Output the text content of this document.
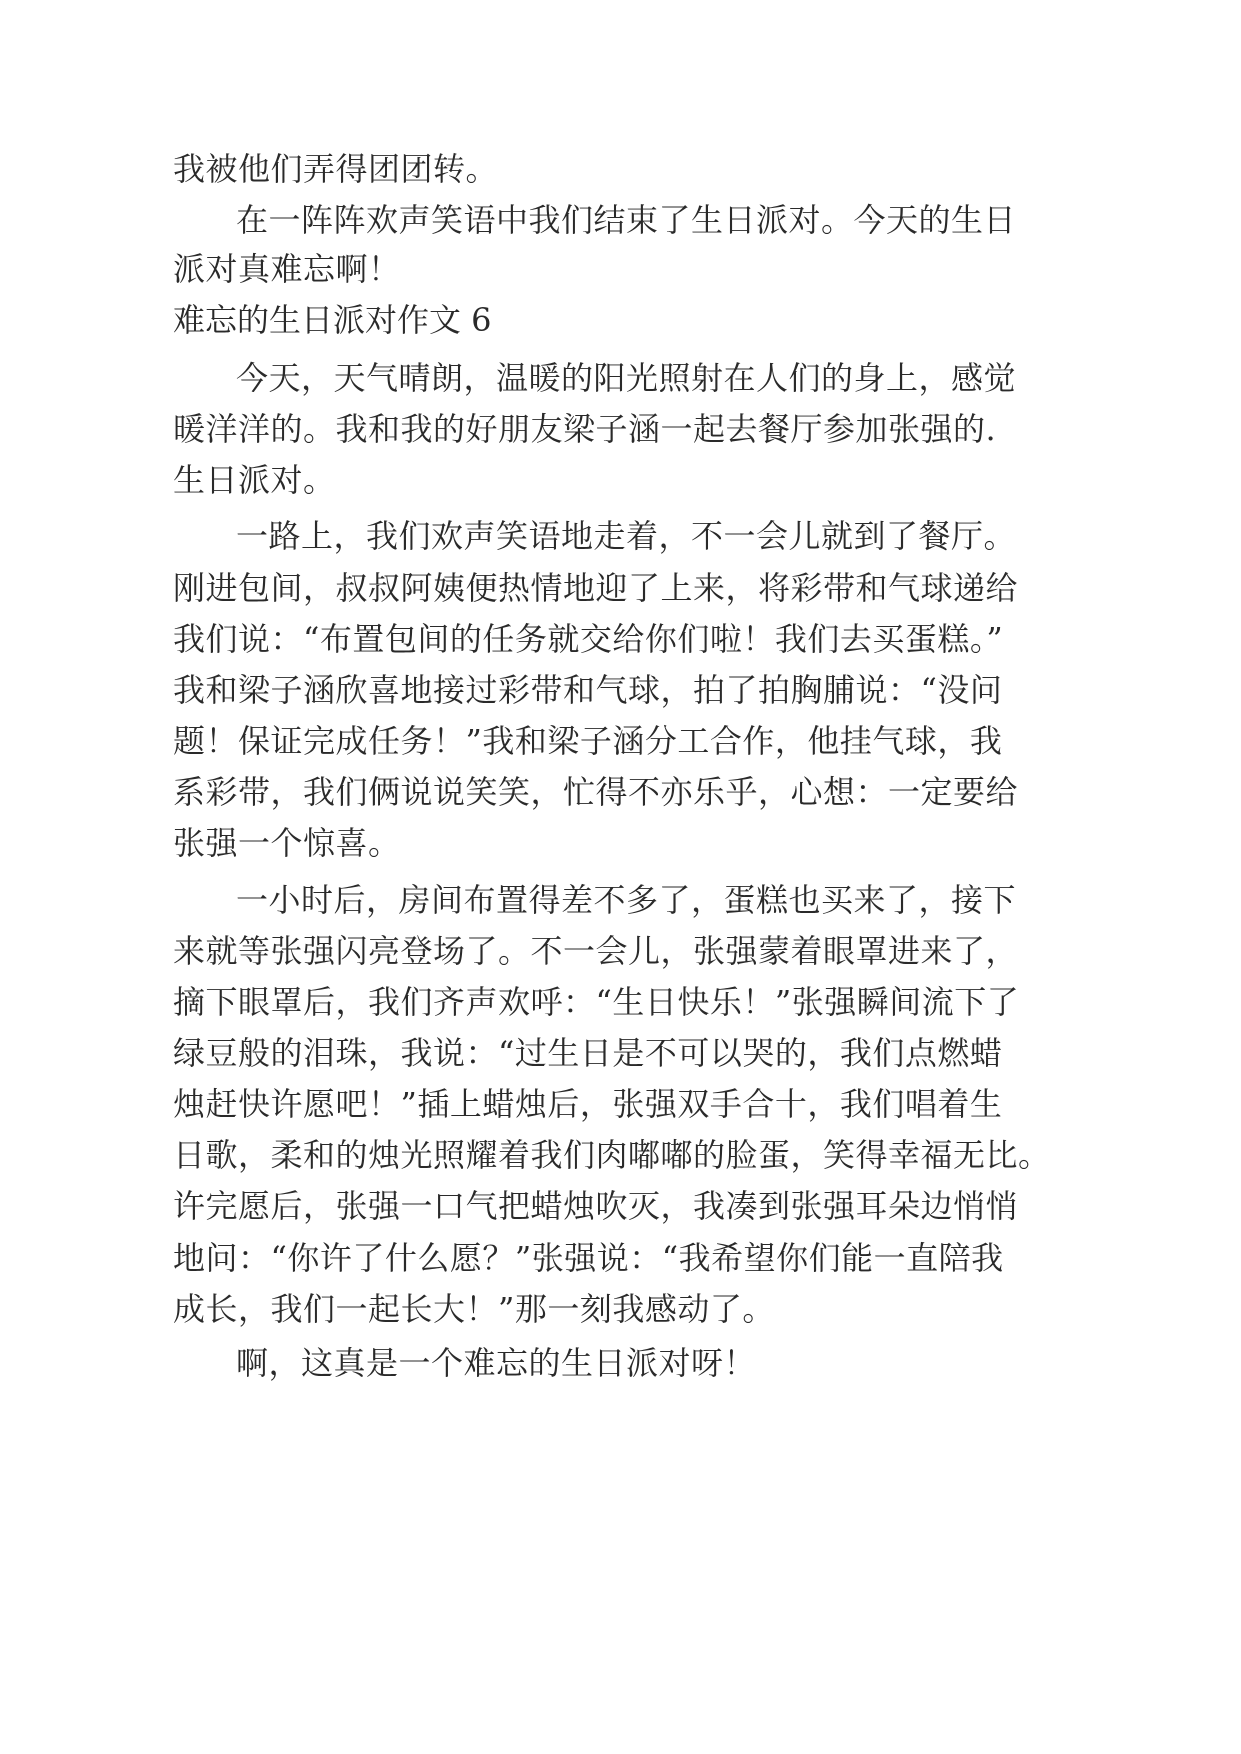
我被他们弄得团团转。
在一阵阵欢声笑语中我们结束了生日派对。今天的生日
派对真难忘啊！
难忘的生日派对作文 6
今天，天气晴朗，温暖的阳光照射在人们的身上，感觉
暖洋洋的。我和我的好朋友梁子涵一起去餐厅参加张强的.
生日派对。
一路上，我们欢声笑语地走着，不一会儿就到了餐厅。
刚进包间，叔叔阿姨便热情地迎了上来，将彩带和气球递给
我们说：“布置包间的任务就交给你们啦！我们去买蛋糕。”
我和梁子涵欣喜地接过彩带和气球，拍了拍胸脯说：“没问
题！保证完成任务！”我和梁子涵分工合作，他挂气球，我
系彩带，我们俩说说笑笑，忙得不亦乐乎，心想：一定要给
张强一个惊喜。
一小时后，房间布置得差不多了，蛋糕也买来了，接下
来就等张强闪亮登场了。不一会儿，张强蒙着眼罩进来了，
摘下眼罩后，我们齐声欢呼：“生日快乐！”张强瞬间流下了
绿豆般的泪珠，我说：“过生日是不可以哭的，我们点燃蜡
烛赶快许愿吧！”插上蜡烛后，张强双手合十，我们唱着生
日歌，柔和的烛光照耀着我们肉嘟嘟的脸蛋，笑得幸福无比。
许完愿后，张强一口气把蜡烛吹灭，我凑到张强耳朵边悄悄
地问：“你许了什么愿？”张强说：“我希望你们能一直陪我
成长，我们一起长大！”那一刻我感动了。
啊，这真是一个难忘的生日派对呀！
